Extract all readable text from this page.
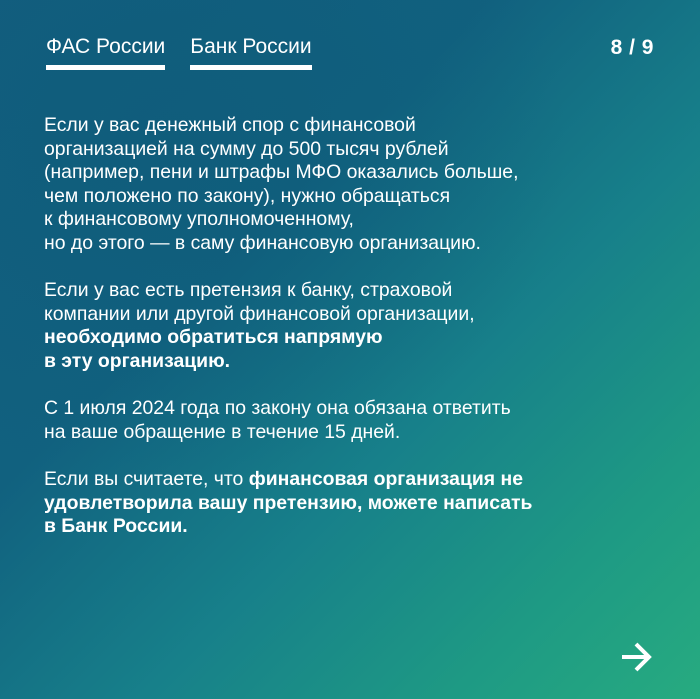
ФАС России Банк России	8 / 9

Если у вас денежный спор с финансовой
организацией на сумму до 500 тысяч рублей
(например, пени и штрафы МФО оказались больше,
чем положено по закону), нужно обращаться
к финансовому уполномоченному,
но до этого — в саму финансовую организацию.

Если у вас есть претензия к банку, страховой
компании или другой финансовой организации,
необходимо обратиться напрямую
в эту организацию.

С 1 июля 2024 года по закону она обязана ответить
на ваше обращение в течение 15 дней.

Если вы считаете, что финансовая организация не
удовлетворила вашу претензию, можете написать
в Банк России.
